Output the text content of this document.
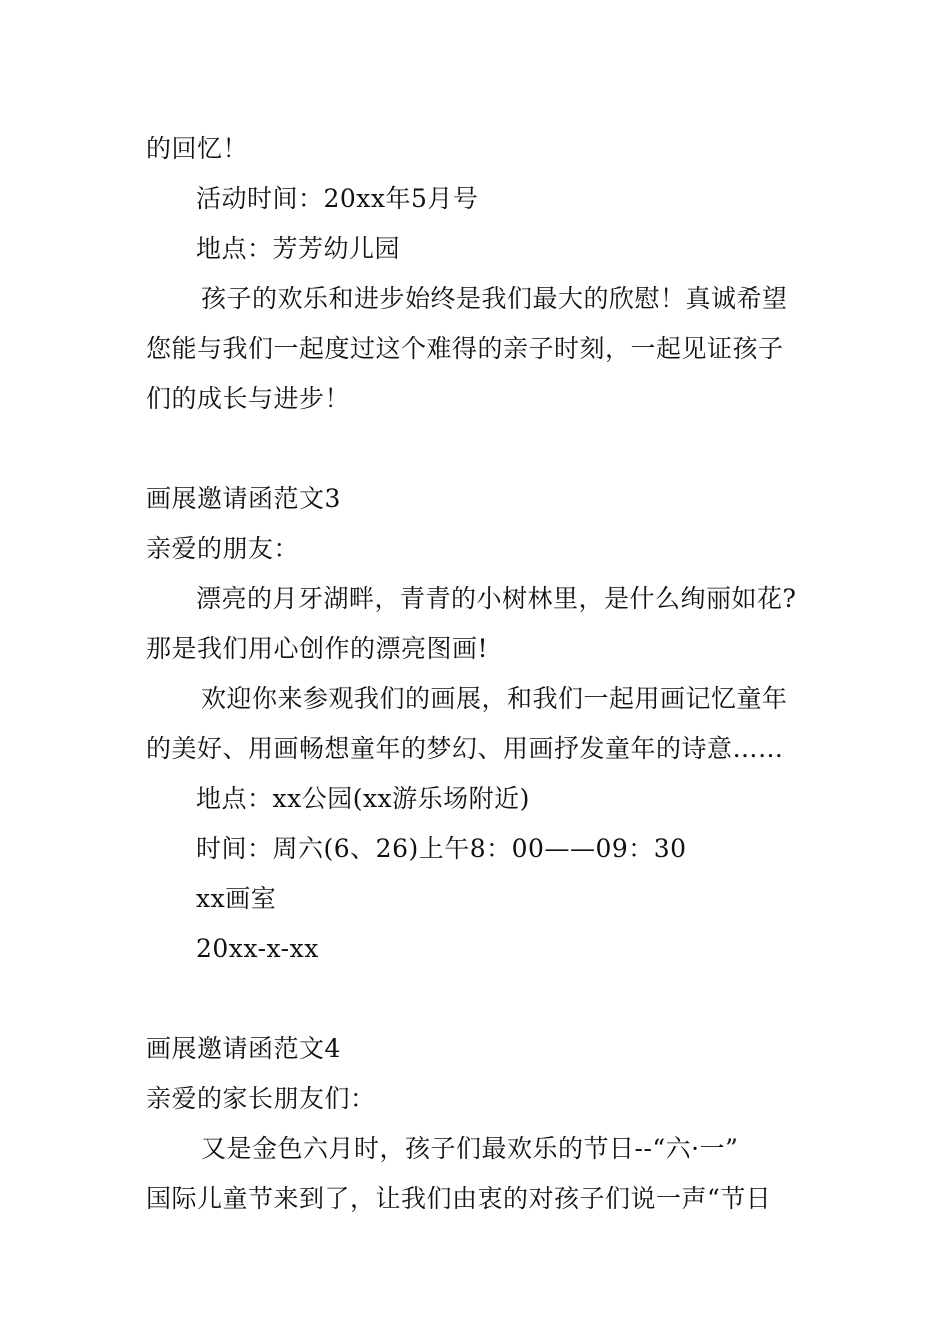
的回忆！
活动时间：20xx年5月号
地点：芳芳幼儿园
孩子的欢乐和进步始终是我们最大的欣慰！真诚希望
您能与我们一起度过这个难得的亲子时刻，一起见证孩子
们的成长与进步！
画展邀请函范文3
亲爱的朋友：
漂亮的月牙湖畔，青青的小树林里，是什么绚丽如花?
那是我们用心创作的漂亮图画!
欢迎你来参观我们的画展，和我们一起用画记忆童年
的美好、用画畅想童年的梦幻、用画抒发童年的诗意……
地点：xx公园(xx游乐场附近)
时间：周六(6、26)上午8：00——09：30
xx画室
20xx-x-xx
画展邀请函范文4
亲爱的家长朋友们：
又是金色六月时，孩子们最欢乐的节日--“六·一”
国际儿童节来到了，让我们由衷的对孩子们说一声“节日
